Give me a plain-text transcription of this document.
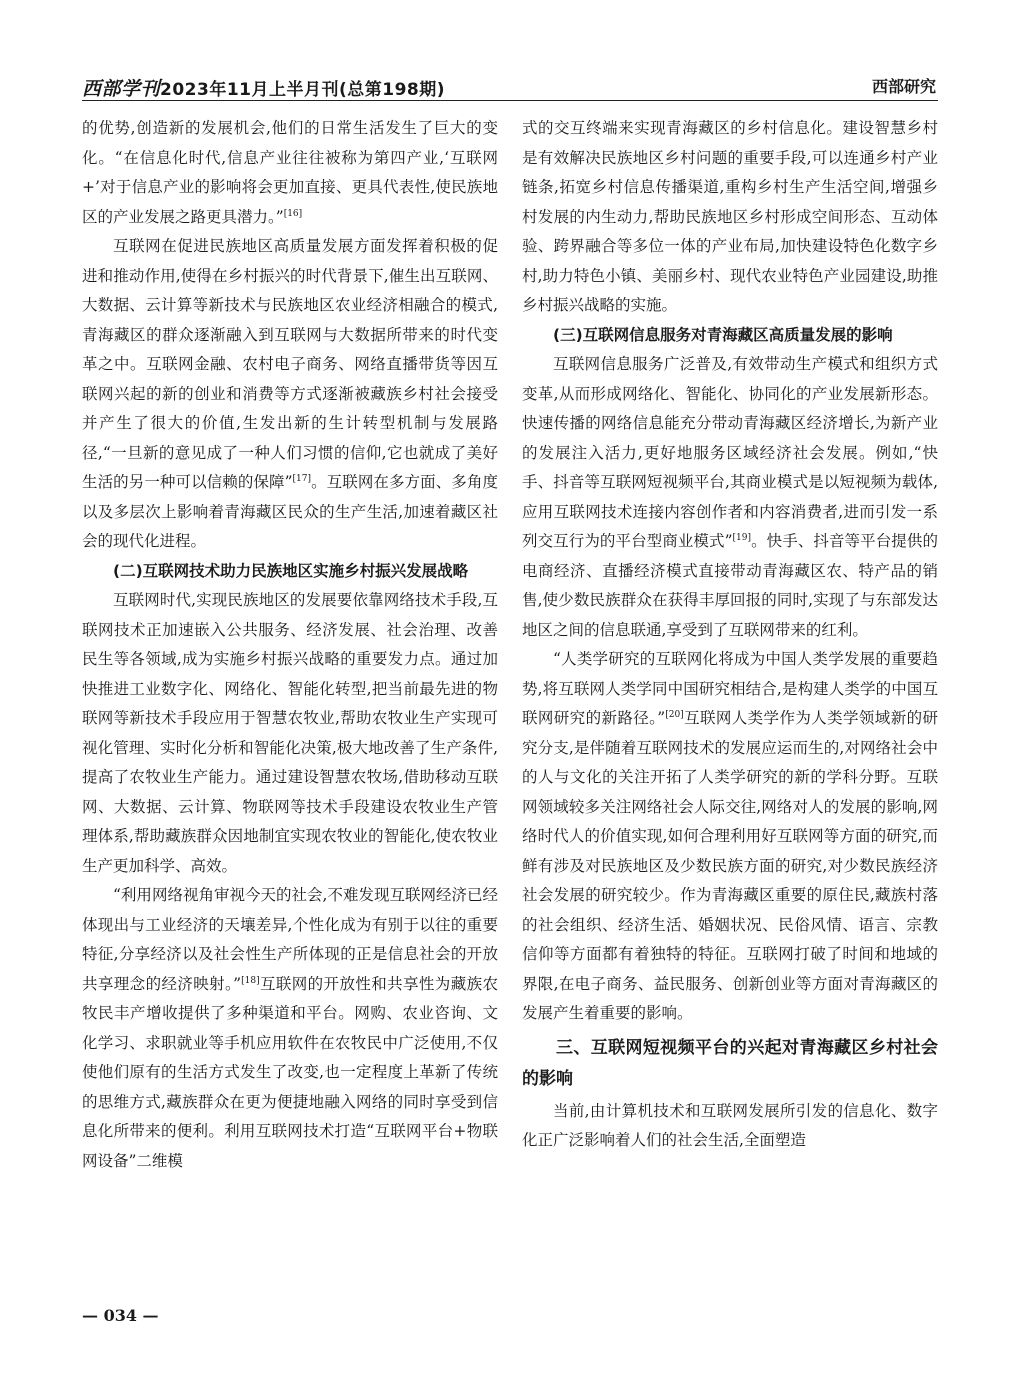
西部学刊2023年11月上半月刊(总第198期)	西部研究

的优势,创造新的发展机会,他们的日常生活发生了巨大的变化。“在信息化时代,信息产业往往被称为第四产业,‘互联网+’对于信息产业的影响将会更加直接、更具代表性,使民族地区的产业发展之路更具潜力。”[16]

互联网在促进民族地区高质量发展方面发挥着积极的促进和推动作用,使得在乡村振兴的时代背景下,催生出互联网、大数据、云计算等新技术与民族地区农业经济相融合的模式,青海藏区的群众逐渐融入到互联网与大数据所带来的时代变革之中。互联网金融、农村电子商务、网络直播带货等因互联网兴起的新的创业和消费等方式逐渐被藏族乡村社会接受并产生了很大的价值,生发出新的生计转型机制与发展路径,“一旦新的意见成了一种人们习惯的信仰,它也就成了美好生活的另一种可以信赖的保障”[17]。互联网在多方面、多角度以及多层次上影响着青海藏区民众的生产生活,加速着藏区社会的现代化进程。

(二)互联网技术助力民族地区实施乡村振兴发展战略

互联网时代,实现民族地区的发展要依靠网络技术手段,互联网技术正加速嵌入公共服务、经济发展、社会治理、改善民生等各领域,成为实施乡村振兴战略的重要发力点。通过加快推进工业数字化、网络化、智能化转型,把当前最先进的物联网等新技术手段应用于智慧农牧业,帮助农牧业生产实现可视化管理、实时化分析和智能化决策,极大地改善了生产条件,提高了农牧业生产能力。通过建设智慧农牧场,借助移动互联网、大数据、云计算、物联网等技术手段建设农牧业生产管理体系,帮助藏族群众因地制宜实现农牧业的智能化,使农牧业生产更加科学、高效。

“利用网络视角审视今天的社会,不难发现互联网经济已经体现出与工业经济的天壤差异,个性化成为有别于以往的重要特征,分享经济以及社会性生产所体现的正是信息社会的开放共享理念的经济映射。”[18]互联网的开放性和共享性为藏族农牧民丰产增收提供了多种渠道和平台。网购、农业咨询、文化学习、求职就业等手机应用软件在农牧民中广泛使用,不仅使他们原有的生活方式发生了改变,也一定程度上革新了传统的思维方式,藏族群众在更为便捷地融入网络的同时享受到信息化所带来的便利。利用互联网技术打造“互联网平台+物联网设备”二维模

式的交互终端来实现青海藏区的乡村信息化。建设智慧乡村是有效解决民族地区乡村问题的重要手段,可以连通乡村产业链条,拓宽乡村信息传播渠道,重构乡村生产生活空间,增强乡村发展的内生动力,帮助民族地区乡村形成空间形态、互动体验、跨界融合等多位一体的产业布局,加快建设特色化数字乡村,助力特色小镇、美丽乡村、现代农业特色产业园建设,助推乡村振兴战略的实施。

(三)互联网信息服务对青海藏区高质量发展的影响

互联网信息服务广泛普及,有效带动生产模式和组织方式变革,从而形成网络化、智能化、协同化的产业发展新形态。快速传播的网络信息能充分带动青海藏区经济增长,为新产业的发展注入活力,更好地服务区域经济社会发展。例如,“快手、抖音等互联网短视频平台,其商业模式是以短视频为载体,应用互联网技术连接内容创作者和内容消费者,进而引发一系列交互行为的平台型商业模式”[19]。快手、抖音等平台提供的电商经济、直播经济模式直接带动青海藏区农、特产品的销售,使少数民族群众在获得丰厚回报的同时,实现了与东部发达地区之间的信息联通,享受到了互联网带来的红利。

“人类学研究的互联网化将成为中国人类学发展的重要趋势,将互联网人类学同中国研究相结合,是构建人类学的中国互联网研究的新路径。”[20]互联网人类学作为人类学领域新的研究分支,是伴随着互联网技术的发展应运而生的,对网络社会中的人与文化的关注开拓了人类学研究的新的学科分野。互联网领域较多关注网络社会人际交往,网络对人的发展的影响,网络时代人的价值实现,如何合理利用好互联网等方面的研究,而鲜有涉及对民族地区及少数民族方面的研究,对少数民族经济社会发展的研究较少。作为青海藏区重要的原住民,藏族村落的社会组织、经济生活、婚姻状况、民俗风情、语言、宗教信仰等方面都有着独特的特征。互联网打破了时间和地域的界限,在电子商务、益民服务、创新创业等方面对青海藏区的发展产生着重要的影响。

三、互联网短视频平台的兴起对青海藏区乡村社会的影响

当前,由计算机技术和互联网发展所引发的信息化、数字化正广泛影响着人们的社会生活,全面塑造

— 034 —
